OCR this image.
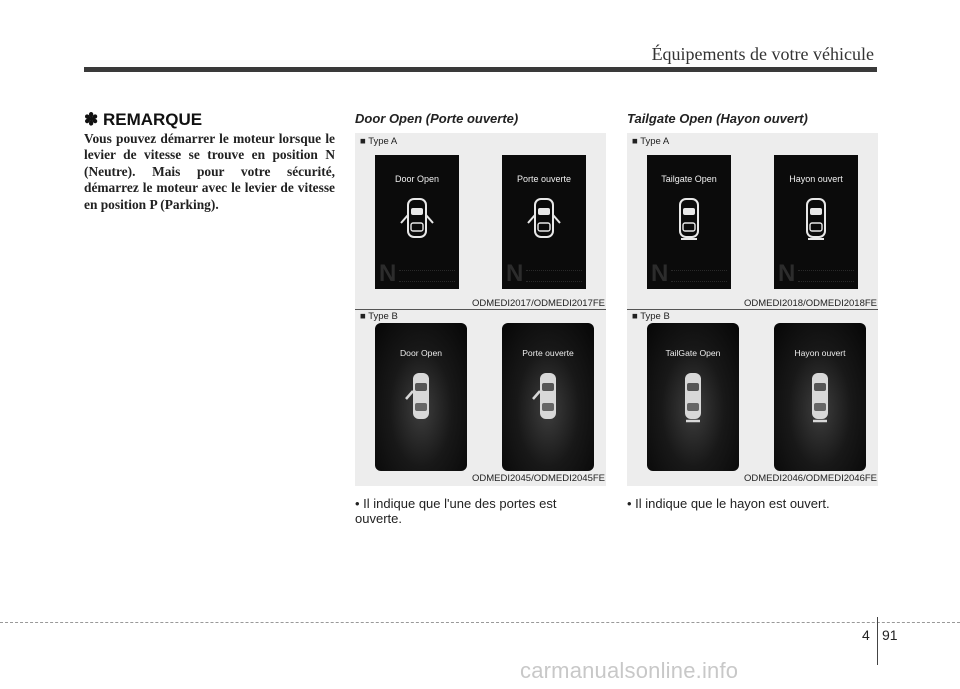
Équipements de votre véhicule
✽ REMARQUE
Vous pouvez démarrer le moteur lorsque le levier de vitesse se trouve en position N (Neutre). Mais pour votre sécurité, démarrez le moteur avec le levier de vitesse en position P (Parking).
Door Open (Porte ouverte)
■ Type A
Door Open
N
Porte ouverte
N
ODMEDI2017/ODMEDI2017FE
■ Type B
Door Open	Porte ouverte
ODMEDI2045/ODMEDI2045FE
• Il indique que l'une des portes est ouverte.
Tailgate Open (Hayon ouvert)
■ Type A
Tailgate Open
N
Hayon ouvert
N
ODMEDI2018/ODMEDI2018FE
■ Type B
TailGate Open	Hayon ouvert
ODMEDI2046/ODMEDI2046FE
• Il indique que le hayon est ouvert.
4 91
carmanualsonline.info
